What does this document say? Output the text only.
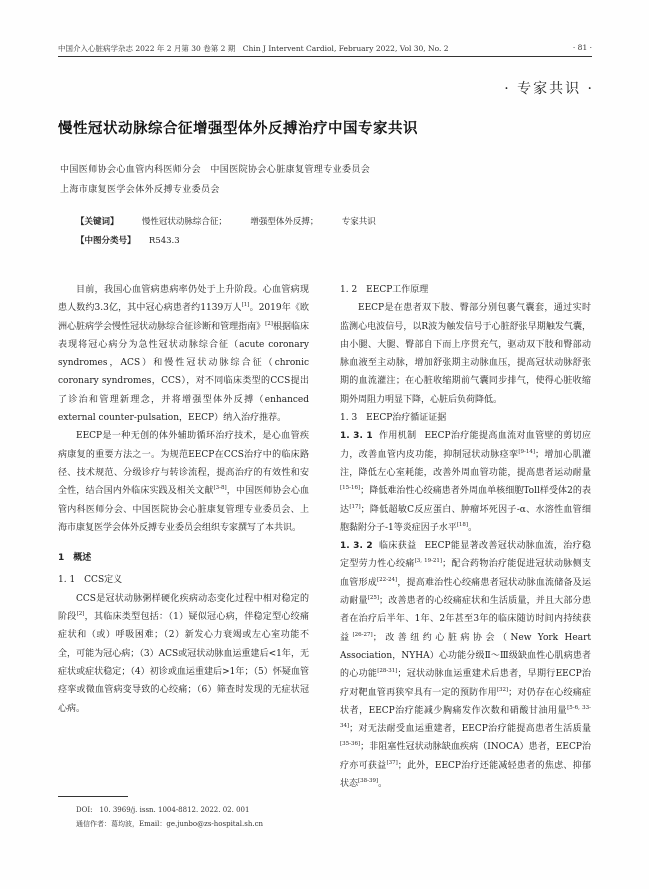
中国介入心脏病学杂志 2022 年 2 月第 30 卷第 2 期　Chin J Intervent Cardiol, February 2022, Vol 30, No. 2	· 81 ·
· 专家共识 ·
慢性冠状动脉综合征增强型体外反搏治疗中国专家共识
中国医师协会心血管内科医师分会　中国医院协会心脏康复管理专业委员会
上海市康复医学会体外反搏专业委员会
【关键词】	慢性冠状动脉综合征；	增强型体外反搏；	专家共识
【中图分类号】 R543.3

目前，我国心血管病患病率仍处于上升阶段。心血管病现患人数约3.3亿，其中冠心病患者约1139万人[1]。2019年《欧洲心脏病学会慢性冠状动脉综合征诊断和管理指南》[2]根据临床表现将冠心病分为急性冠状动脉综合征（acute coronary syndromes，ACS）和慢性冠状动脉综合征（chronic coronary syndromes，CCS），对不同临床类型的CCS提出了诊治和管理新理念，并将增强型体外反搏（enhanced external counter-pulsation，EECP）纳入治疗推荐。

EECP是一种无创的体外辅助循环治疗技术，是心血管疾病康复的重要方法之一。为规范EECP在CCS治疗中的临床路径、技术规范、分级诊疗与转诊流程，提高治疗的有效性和安全性，结合国内外临床实践及相关文献[3-8]，中国医师协会心血管内科医师分会、中国医院协会心脏康复管理专业委员会、上海市康复医学会体外反搏专业委员会组织专家撰写了本共识。

1　概述
1. 1　CCS定义

CCS是冠状动脉粥样硬化疾病动态变化过程中相对稳定的阶段[2]，其临床类型包括：（1）疑似冠心病，伴稳定型心绞痛症状和（或）呼吸困难；（2）新发心力衰竭或左心室功能不全，可能为冠心病；（3）ACS或冠状动脉血运重建后<1年，无症状或症状稳定；（4）初诊或血运重建后>1年；（5）怀疑血管痉挛或微血管病变导致的心绞痛；（6）筛查时发现的无症状冠心病。

1. 2　EECP工作原理

EECP是在患者双下肢、臀部分别包裹气囊套，通过实时监测心电波信号，以R波为触发信号于心脏舒张早期触发气囊，由小腿、大腿、臀部自下而上序贯充气，驱动双下肢和臀部动脉血液至主动脉，增加舒张期主动脉血压，提高冠状动脉舒张期的血流灌注；在心脏收缩期前气囊同步排气，使得心脏收缩期外周阻力明显下降，心脏后负荷降低。

1. 3　EECP治疗循证证据

1. 3. 1 作用机制 EECP治疗能提高血流对血管壁的剪切应力，改善血管内皮功能，抑制冠状动脉痉挛[9-14]；增加心肌灌注，降低左心室耗能，改善外周血管功能，提高患者运动耐量[15-16]；降低难治性心绞痛患者外周血单核细胞Toll样受体2的表达[17]；降低超敏C反应蛋白、肿瘤坏死因子-α、水溶性血管细胞黏附分子-1等炎症因子水平[18]。

1. 3. 2 临床获益 EECP能显著改善冠状动脉血流，治疗稳定型劳力性心绞痛[3, 19-21]；配合药物治疗能促进冠状动脉侧支血管形成[22-24]，提高难治性心绞痛患者冠状动脉血流储备及运动耐量[25]；改善患者的心绞痛症状和生活质量，并且大部分患者在治疗后半年、1年、2年甚至3年的临床随访时间内持续获益[26-27]；改善纽约心脏病协会（New York Heart Association，NYHA）心功能分级Ⅱ～Ⅲ级缺血性心肌病患者的心功能[28-31]；冠状动脉血运重建术后患者，早期行EECP治疗对靶血管再狭窄具有一定的预防作用[32]；对仍存在心绞痛症状者，EECP治疗能减少胸痛发作次数和硝酸甘油用量[5-6, 33-34]；对无法耐受血运重建者，EECP治疗能提高患者生活质量[35-36]；非阻塞性冠状动脉缺血疾病（INOCA）患者，EECP治疗亦可获益[37]；此外，EECP治疗还能减轻患者的焦虑、抑郁状态[38-39]。

DOI:　10. 3969/j. issn. 1004-8812. 2022. 02. 001
通信作者：葛均波，Email：ge.junbo@zs-hospital.sh.cn
